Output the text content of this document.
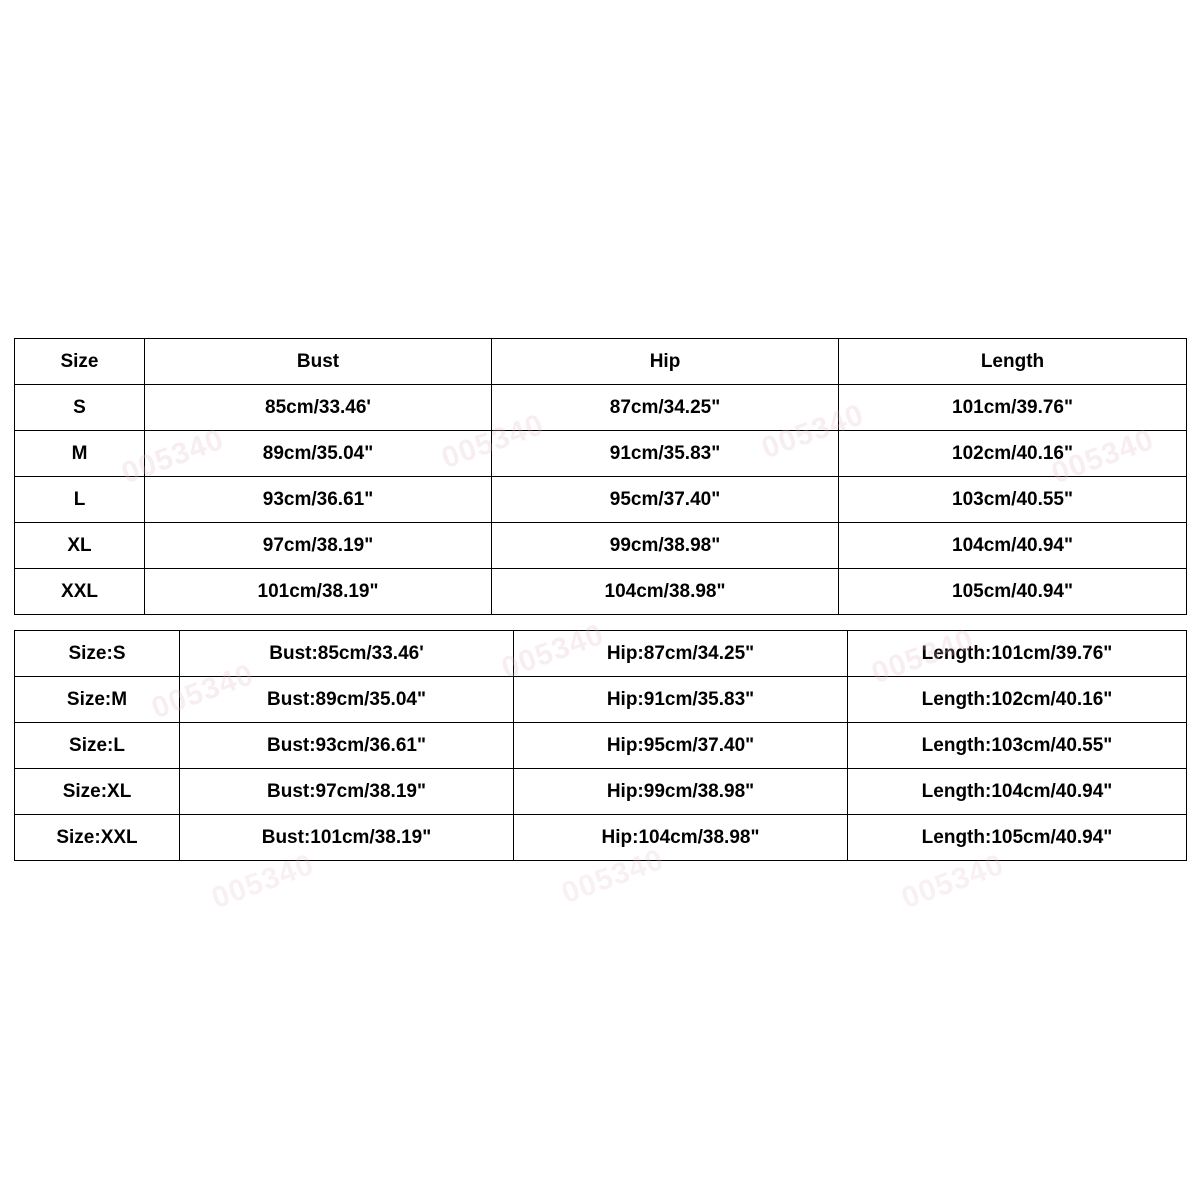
005340	005340	005340	005340
005340
005340	005340
005340	005340	005340
Size	Bust	Hip	Length
S	85cm/33.46'	87cm/34.25"	101cm/39.76"
M	89cm/35.04"	91cm/35.83"	102cm/40.16"
L	93cm/36.61"	95cm/37.40"	103cm/40.55"
XL	97cm/38.19"	99cm/38.98"	104cm/40.94"
XXL	101cm/38.19"	104cm/38.98"	105cm/40.94"
Size:S	Bust:85cm/33.46'	Hip:87cm/34.25"	Length:101cm/39.76"
Size:M	Bust:89cm/35.04"	Hip:91cm/35.83"	Length:102cm/40.16"
Size:L	Bust:93cm/36.61"	Hip:95cm/37.40"	Length:103cm/40.55"
Size:XL	Bust:97cm/38.19"	Hip:99cm/38.98"	Length:104cm/40.94"
Size:XXL	Bust:101cm/38.19"	Hip:104cm/38.98"	Length:105cm/40.94"
